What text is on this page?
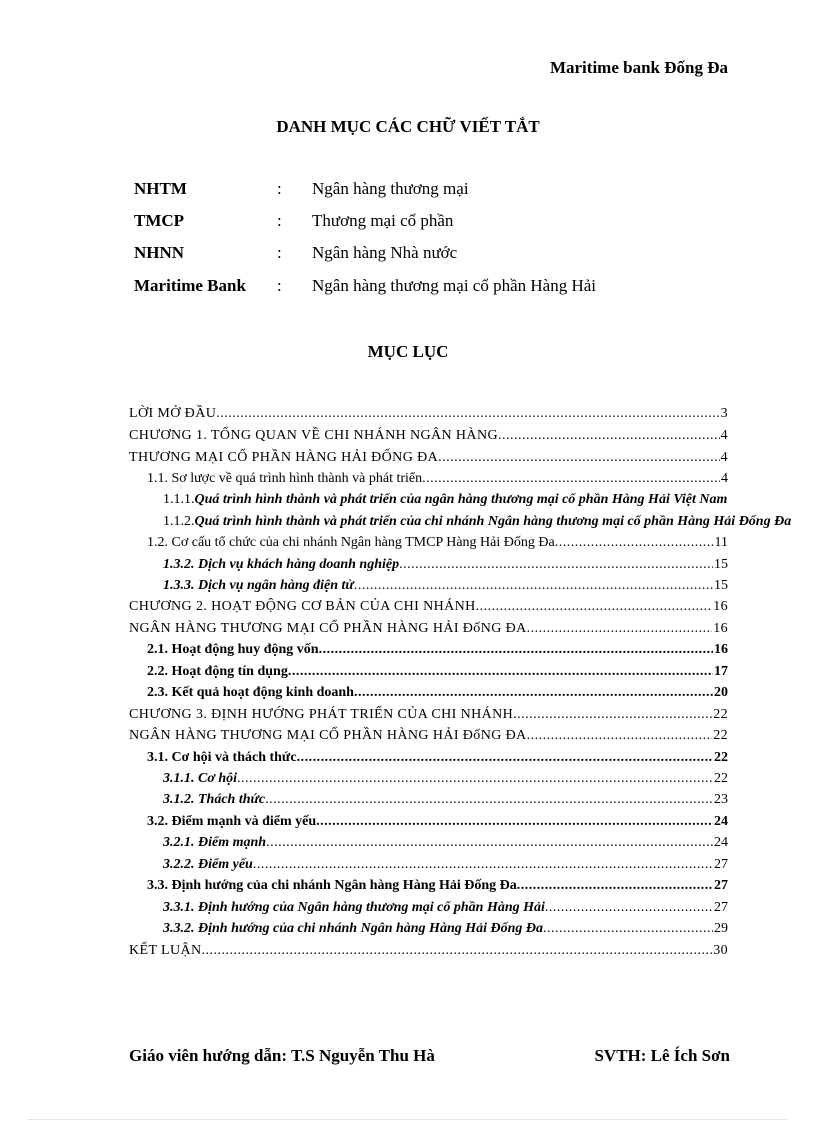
Maritime bank Đống Đa
DANH MỤC CÁC CHỮ VIẾT TẮT
NHTM	: Ngân hàng thương mại
TMCP	: Thương mại cổ phần
NHNN	: Ngân hàng Nhà nước
Maritime Bank : Ngân hàng thương mại cổ phần Hàng Hải
MỤC LỤC
LỜI MỞ ĐẦU .....	3
CHƯƠNG 1. TỔNG QUAN VỀ CHI NHÁNH NGÂN HÀNG .....	4
THƯƠNG MẠI CỔ PHẦN HÀNG HẢI ĐỐNG ĐA .....	4
1.1. Sơ lược về quá trình hình thành và phát triển .....	4
1.1.1.Quá trình hình thành và phát triển của ngân hàng thương mại cổ phần Hàng Hải Việt Nam
1.1.2.Quá trình hình thành và phát triển của chi nhánh Ngân hàng thương mại cổ phần Hàng Hải Đống Đa
1.2. Cơ cấu tổ chức của chi nhánh Ngân hàng TMCP Hàng Hải Đống Đa .....	11
1.3.2. Dịch vụ khách hàng doanh nghiệp .....	15
1.3.3. Dịch vụ ngân hàng điện tử .....	15
CHƯƠNG 2. HOẠT ĐỘNG CƠ BẢN CỦA CHI NHÁNH .....	16
NGÂN HÀNG THƯƠNG MẠI CỔ PHẦN HÀNG HẢI ĐốNG ĐA .....	16
2.1. Hoạt động huy động vốn .....	16
2.2. Hoạt động tín dụng .....	17
2.3. Kết quả hoạt động kinh doanh .....	20
CHƯƠNG 3. ĐỊNH HƯỚNG PHÁT TRIỂN CỦA CHI NHÁNH .....	22
NGÂN HÀNG THƯƠNG MẠI CỔ PHẦN HÀNG HẢI ĐốNG ĐA .....	22
3.1. Cơ hội và thách thức .....	22
3.1.1. Cơ hội .....	22
3.1.2. Thách thức .....	23
3.2. Điểm mạnh và điểm yếu .....	24
3.2.1. Điểm mạnh .....	24
3.2.2. Điểm yếu .....	27
3.3. Định hướng của chi nhánh Ngân hàng Hàng Hải Đống Đa .....	27
3.3.1. Định hướng của Ngân hàng thương mại cổ phần Hàng Hải .....	27
3.3.2. Định hướng của chi nhánh Ngân hàng Hàng Hải Đống Đa .....	29
KẾT LUẬN .....	30
Giáo viên hướng dẫn: T.S Nguyễn Thu Hà	SVTH: Lê Ích Sơn
